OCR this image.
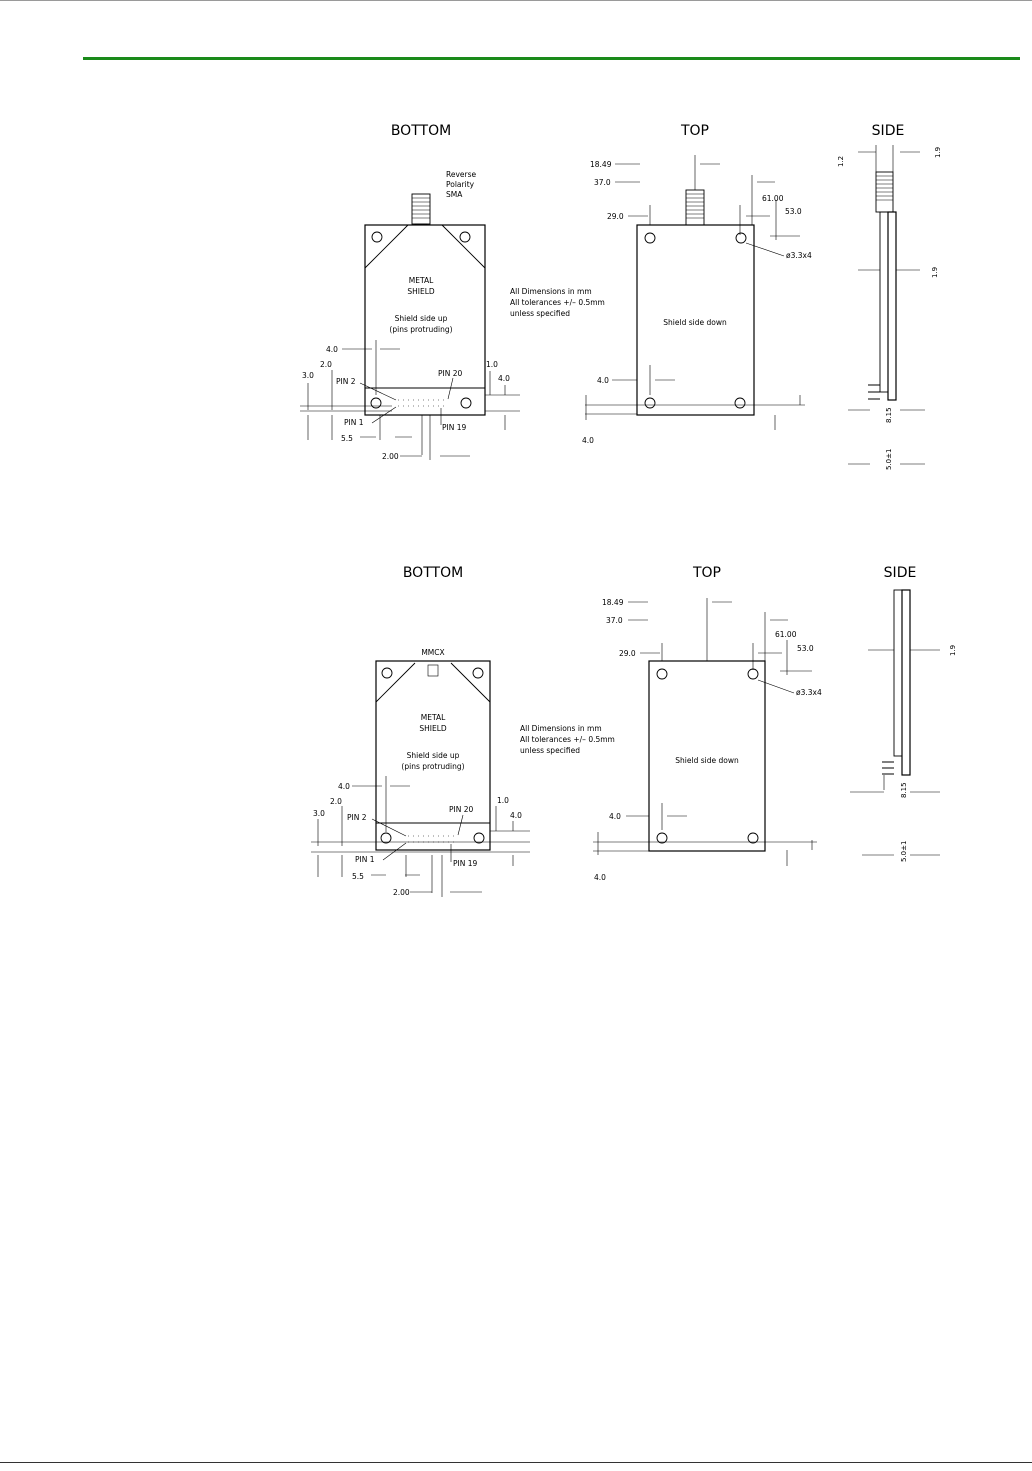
BOTTOM
Reverse
Polarity
SMA
METAL
SHIELD
Shield side up
(pins protruding)
PIN 2
PIN 1
PIN 20
PIN 19
4.0
2.0
3.0
1.0
4.0
5.5
2.00
All Dimensions in mm
All tolerances +/– 0.5mm
unless specified
TOP
Shield side down
ø3.3x4
18.49
37.0
29.0
61.00
53.0
4.0
4.0
SIDE
1.2
1.9
1.9
8.15
5.0±1
BOTTOM
MMCX
METAL
SHIELD
Shield side up
(pins protruding)
PIN 2
PIN 1
PIN 20
PIN 19
4.0
2.0
3.0
1.0
4.0
5.5
2.00
All Dimensions in mm
All tolerances +/– 0.5mm
unless specified
TOP
Shield side down
ø3.3x4
18.49
37.0
29.0
61.00
53.0
4.0
4.0
SIDE
1.9
8.15
5.0±1
